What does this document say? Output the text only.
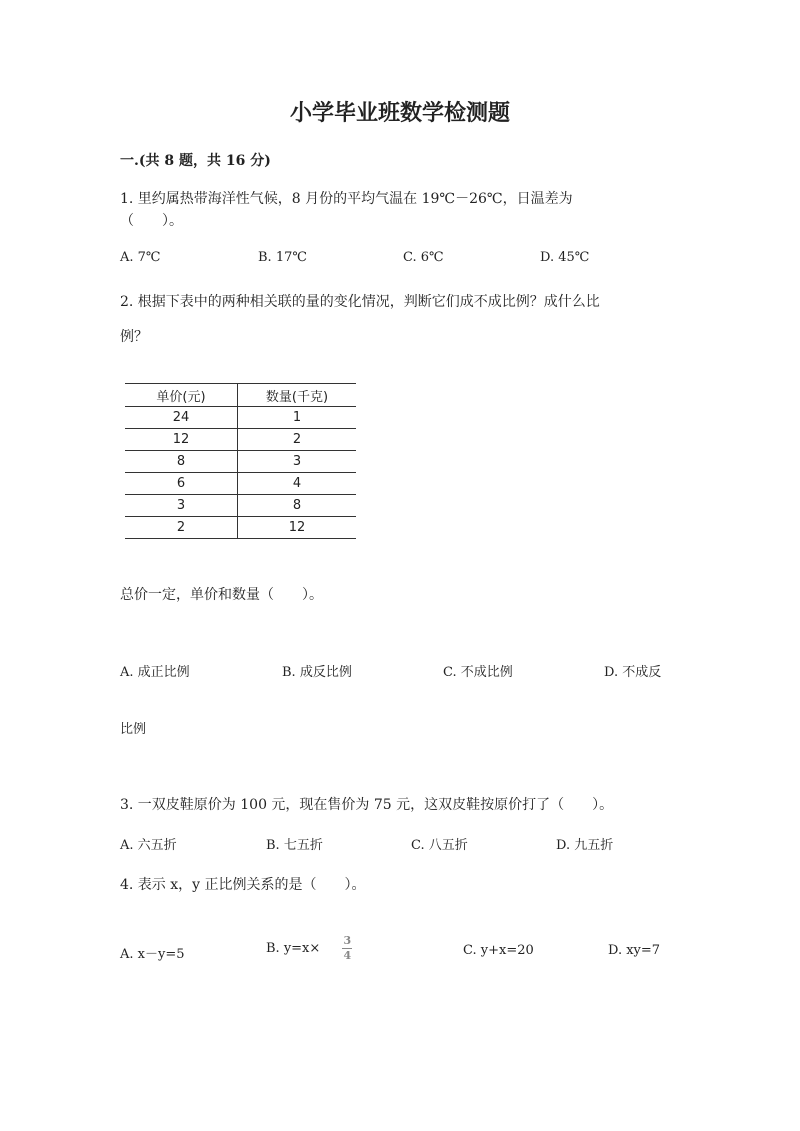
小学毕业班数学检测题
一.(共 8 题，共 16 分)
1. 里约属热带海洋性气候，8 月份的平均气温在 19℃－26℃，日温差为
（　　）。
A. 7℃	B. 17℃	C. 6℃	D. 45℃
2. 根据下表中的两种相关联的量的变化情况，判断它们成不成比例？成什么比
例？
单价(元)	数量(千克)
24	1
12	2
8	3
6	4
3	8
2	12
总价一定，单价和数量（　　）。
A. 成正比例	B. 成反比例	C. 不成比例	D. 不成反
比例
3. 一双皮鞋原价为 100 元，现在售价为 75 元，这双皮鞋按原价打了（　　）。
A. 六五折	B. 七五折	C. 八五折	D. 九五折
4. 表示 x，y 正比例关系的是（　　）。
A. x－y=5	B. $y=x\times \frac{3}{4}$	C. y+x=20	D. xy=7
